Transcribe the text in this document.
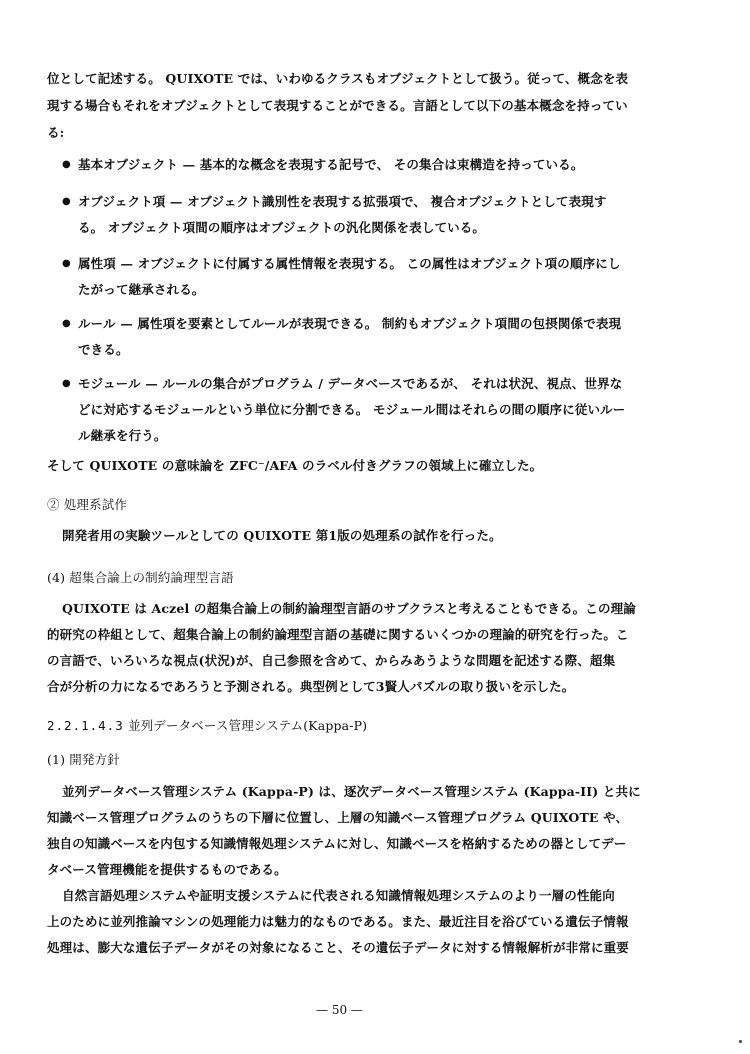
位として記述する。 QUIXOTE では、いわゆるクラスもオブジェクトとして扱う。従って、概念を表
現する場合もそれをオブジェクトとして表現することができる。言語として以下の基本概念を持ってい
る:
● 基本オブジェクト — 基本的な概念を表現する記号で、 その集合は束構造を持っている。
● オブジェクト項 — オブジェクト識別性を表現する拡張項で、 複合オブジェクトとして表現す
る。 オブジェクト項間の順序はオブジェクトの汎化関係を表している。
● 属性項 — オブジェクトに付属する属性情報を表現する。 この属性はオブジェクト項の順序にし
たがって継承される。
● ルール — 属性項を要素としてルールが表現できる。 制約もオブジェクト項間の包摂関係で表現
できる。
● モジュール — ルールの集合がプログラム / データベースであるが、 それは状況、視点、世界な
どに対応するモジュールという単位に分割できる。 モジュール間はそれらの間の順序に従いルー
ル継承を行う。
そして QUIXOTE の意味論を ZFC⁻/AFA のラベル付きグラフの領域上に確立した。
② 処理系試作
開発者用の実験ツールとしての QUIXOTE 第1版の処理系の試作を行った。
(4) 超集合論上の制約論理型言語
QUIXOTE は Aczel の超集合論上の制約論理型言語のサブクラスと考えることもできる。この理論
的研究の枠組として、超集合論上の制約論理型言語の基礎に関するいくつかの理論的研究を行った。こ
の言語で、いろいろな視点(状況)が、自己参照を含めて、からみあうような問題を記述する際、超集
合が分析の力になるであろうと予測される。典型例として3賢人パズルの取り扱いを示した。
2.2.1.4.3 並列データベース管理システム(Kappa-P)
(1) 開発方針
並列データベース管理システム (Kappa-P) は、逐次データベース管理システム (Kappa-II) と共に
知識ベース管理プログラムのうちの下層に位置し、上層の知識ベース管理プログラム QUIXOTE や、
独自の知識ベースを内包する知識情報処理システムに対し、知識ベースを格納するための器としてデー
タベース管理機能を提供するものである。
自然言語処理システムや証明支援システムに代表される知識情報処理システムのより一層の性能向
上のために並列推論マシンの処理能力は魅力的なものである。また、最近注目を浴びている遺伝子情報
処理は、膨大な遺伝子データがその対象になること、その遺伝子データに対する情報解析が非常に重要
— 50 —
